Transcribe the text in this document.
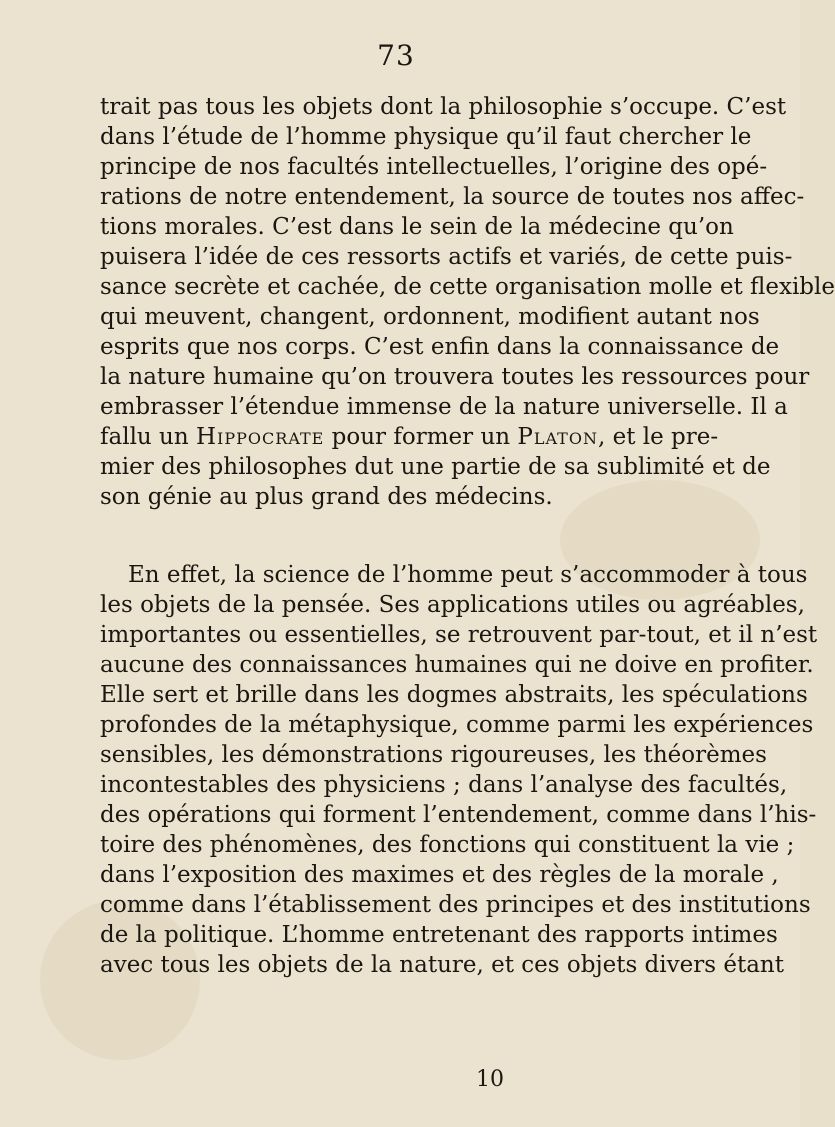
73
trait pas tous les objets dont la philosophie s’occupe. C’est
dans l’étude de l’homme physique qu’il faut chercher le
principe de nos facultés intellectuelles, l’origine des opé-
rations de notre entendement, la source de toutes nos affec-
tions morales. C’est dans le sein de la médecine qu’on
puisera l’idée de ces ressorts actifs et variés, de cette puis-
sance secrète et cachée, de cette organisation molle et flexible
qui meuvent, changent, ordonnent, modifient autant nos
esprits que nos corps. C’est enfin dans la connaissance de
la nature humaine qu’on trouvera toutes les ressources pour
embrasser l’étendue immense de la nature universelle. Il a
fallu un Hippocrate pour former un Platon, et le pre-
mier des philosophes dut une partie de sa sublimité et de
son génie au plus grand des médecins.
En effet, la science de l’homme peut s’accommoder à tous
les objets de la pensée. Ses applications utiles ou agréables,
importantes ou essentielles, se retrouvent par-tout, et il n’est
aucune des connaissances humaines qui ne doive en profiter.
Elle sert et brille dans les dogmes abstraits, les spéculations
profondes de la métaphysique, comme parmi les expériences
sensibles, les démonstrations rigoureuses, les théorèmes
incontestables des physiciens ; dans l’analyse des facultés,
des opérations qui forment l’entendement, comme dans l’his-
toire des phénomènes, des fonctions qui constituent la vie ;
dans l’exposition des maximes et des règles de la morale ,
comme dans l’établissement des principes et des institutions
de la politique. L’homme entretenant des rapports intimes
avec tous les objets de la nature, et ces objets divers étant
10
